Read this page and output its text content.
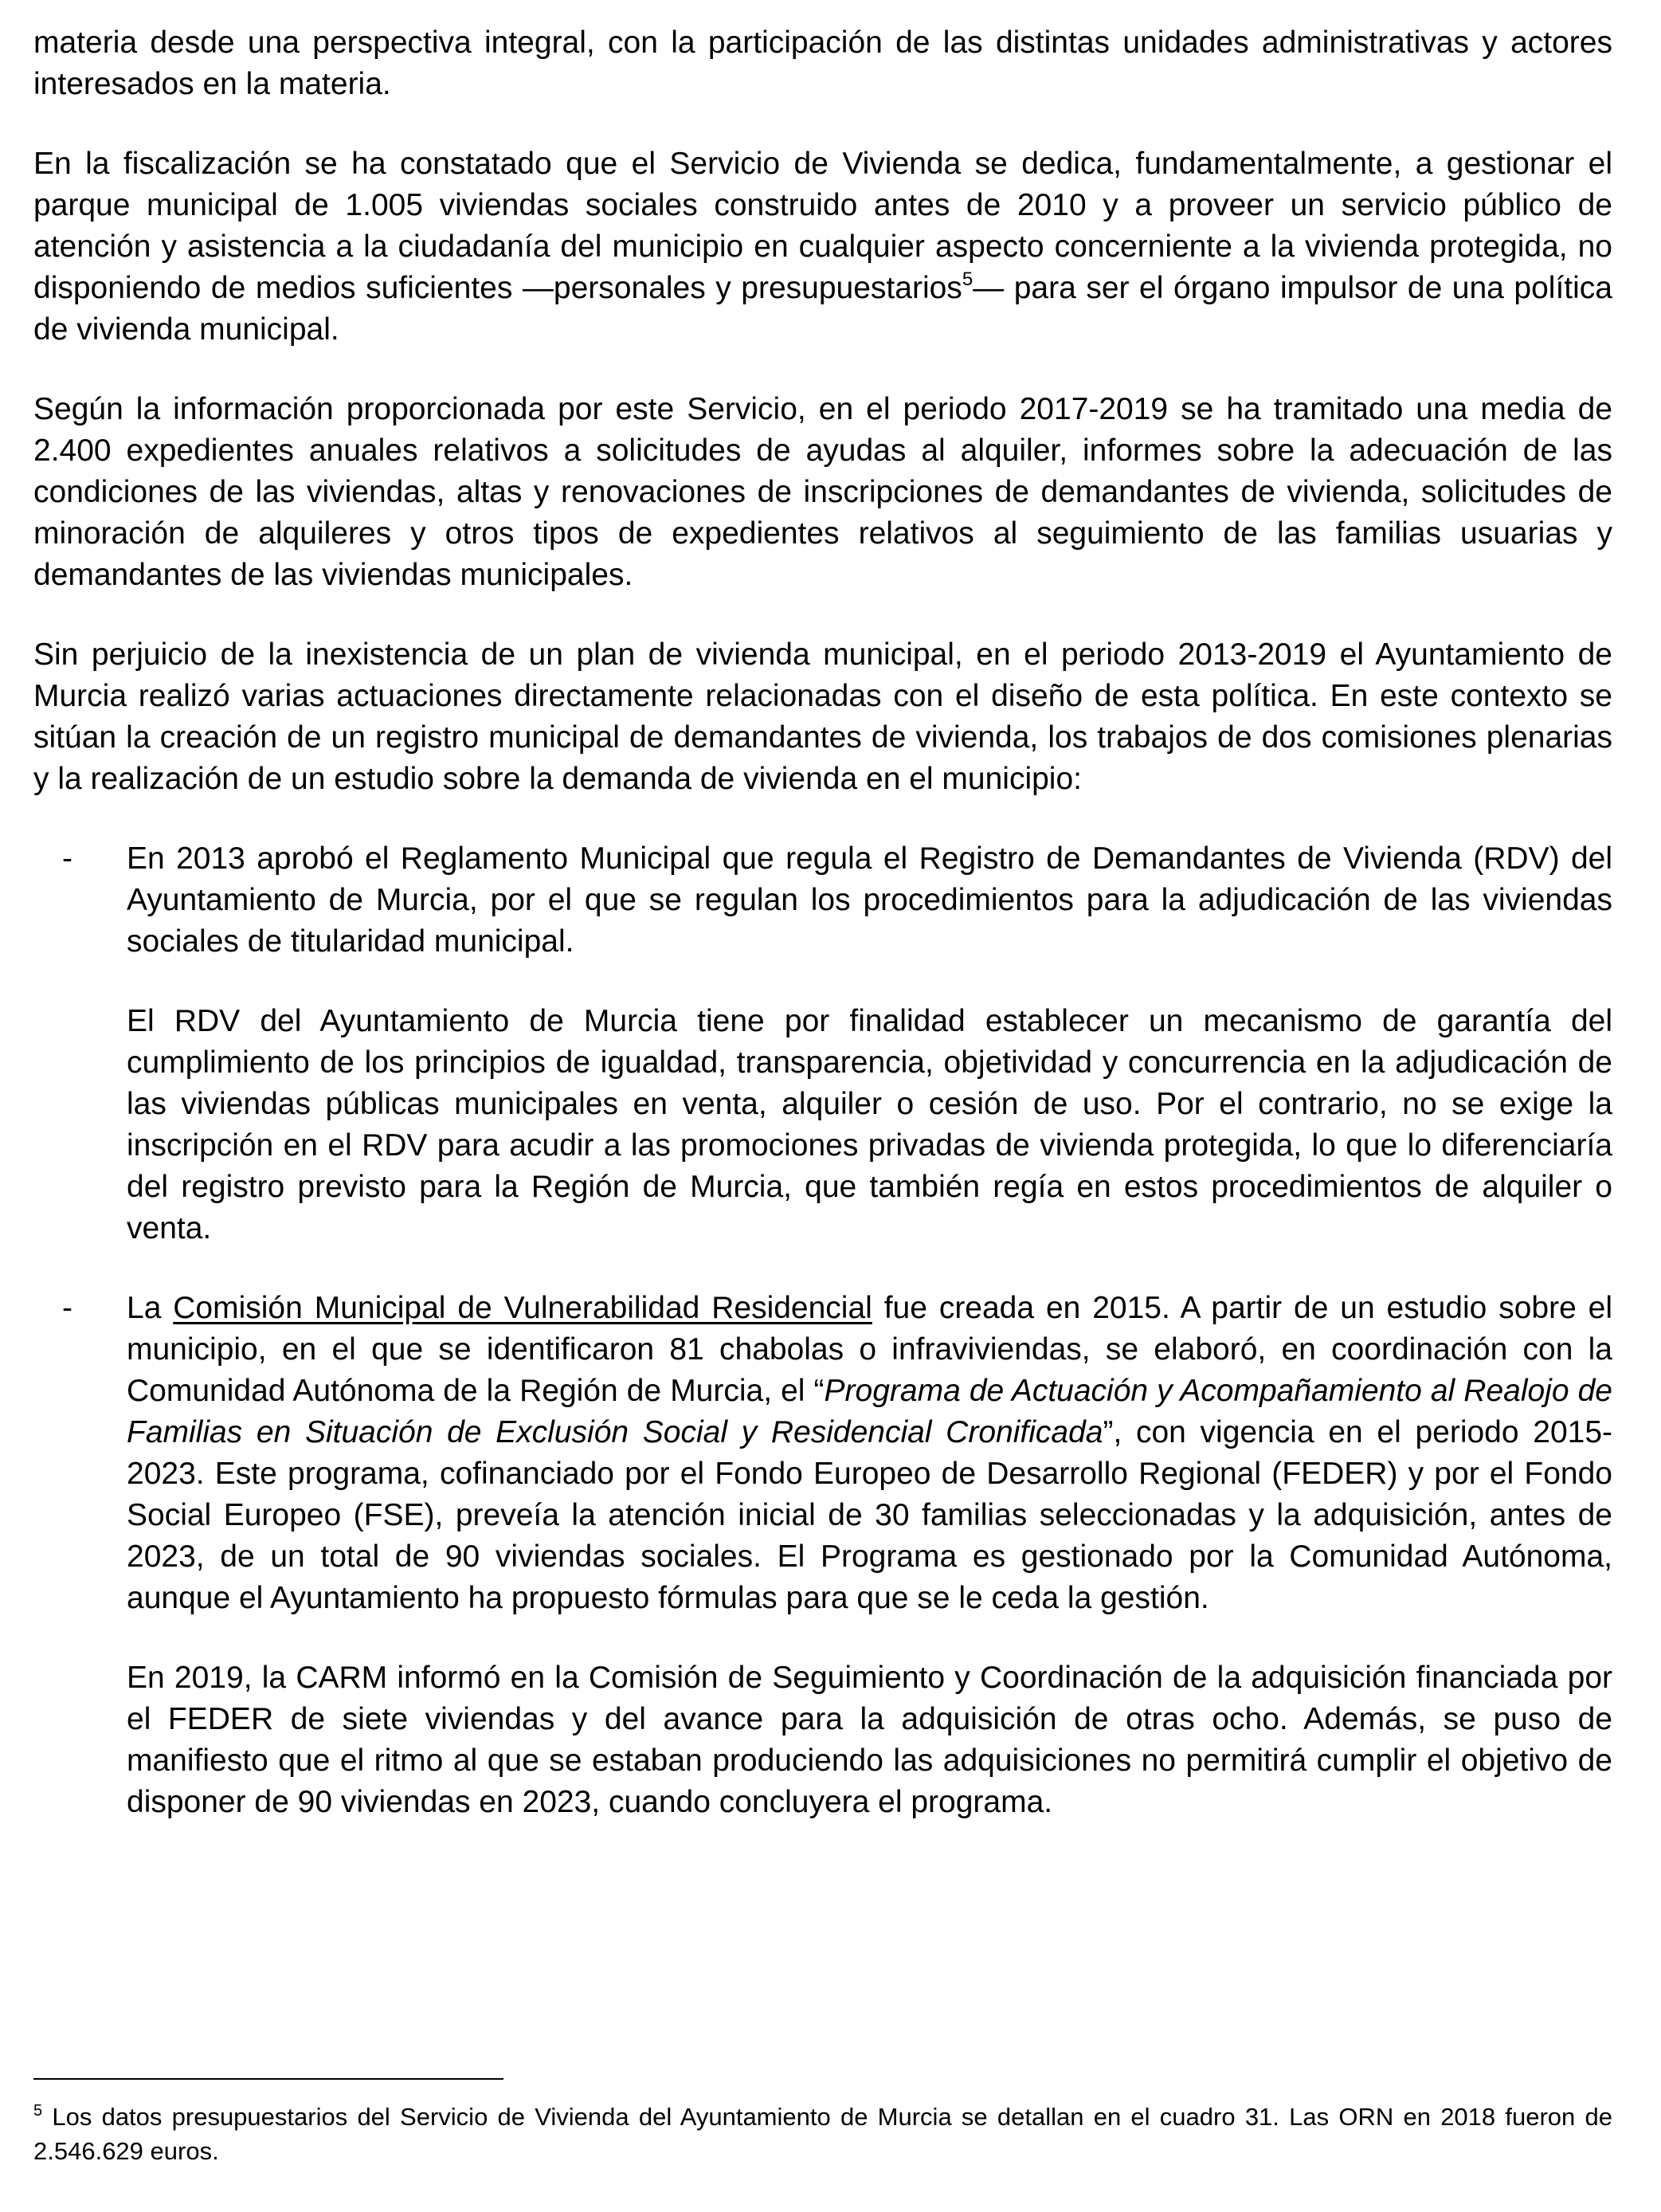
materia desde una perspectiva integral, con la participación de las distintas unidades administrativas y actores interesados en la materia.

En la fiscalización se ha constatado que el Servicio de Vivienda se dedica, fundamentalmente, a gestionar el parque municipal de 1.005 viviendas sociales construido antes de 2010 y a proveer un servicio público de atención y asistencia a la ciudadanía del municipio en cualquier aspecto concerniente a la vivienda protegida, no disponiendo de medios suficientes —personales y presupuestarios$^5$— para ser el órgano impulsor de una política de vivienda municipal.

Según la información proporcionada por este Servicio, en el periodo 2017-2019 se ha tramitado una media de 2.400 expedientes anuales relativos a solicitudes de ayudas al alquiler, informes sobre la adecuación de las condiciones de las viviendas, altas y renovaciones de inscripciones de demandantes de vivienda, solicitudes de minoración de alquileres y otros tipos de expedientes relativos al seguimiento de las familias usuarias y demandantes de las viviendas municipales.

Sin perjuicio de la inexistencia de un plan de vivienda municipal, en el periodo 2013-2019 el Ayuntamiento de Murcia realizó varias actuaciones directamente relacionadas con el diseño de esta política. En este contexto se sitúan la creación de un registro municipal de demandantes de vivienda, los trabajos de dos comisiones plenarias y la realización de un estudio sobre la demanda de vivienda en el municipio:

- En 2013 aprobó el Reglamento Municipal que regula el Registro de Demandantes de Vivienda (RDV) del Ayuntamiento de Murcia, por el que se regulan los procedimientos para la adjudicación de las viviendas sociales de titularidad municipal.

El RDV del Ayuntamiento de Murcia tiene por finalidad establecer un mecanismo de garantía del cumplimiento de los principios de igualdad, transparencia, objetividad y concurrencia en la adjudicación de las viviendas públicas municipales en venta, alquiler o cesión de uso. Por el contrario, no se exige la inscripción en el RDV para acudir a las promociones privadas de vivienda protegida, lo que lo diferenciaría del registro previsto para la Región de Murcia, que también regía en estos procedimientos de alquiler o venta.

- La Comisión Municipal de Vulnerabilidad Residencial fue creada en 2015. A partir de un estudio sobre el municipio, en el que se identificaron 81 chabolas o infraviviendas, se elaboró, en coordinación con la Comunidad Autónoma de la Región de Murcia, el “Programa de Actuación y Acompañamiento al Realojo de Familias en Situación de Exclusión Social y Residencial Cronificada”, con vigencia en el periodo 2015-2023. Este programa, cofinanciado por el Fondo Europeo de Desarrollo Regional (FEDER) y por el Fondo Social Europeo (FSE), preveía la atención inicial de 30 familias seleccionadas y la adquisición, antes de 2023, de un total de 90 viviendas sociales. El Programa es gestionado por la Comunidad Autónoma, aunque el Ayuntamiento ha propuesto fórmulas para que se le ceda la gestión.

En 2019, la CARM informó en la Comisión de Seguimiento y Coordinación de la adquisición financiada por el FEDER de siete viviendas y del avance para la adquisición de otras ocho. Además, se puso de manifiesto que el ritmo al que se estaban produciendo las adquisiciones no permitirá cumplir el objetivo de disponer de 90 viviendas en 2023, cuando concluyera el programa.

$^5$ Los datos presupuestarios del Servicio de Vivienda del Ayuntamiento de Murcia se detallan en el cuadro 31. Las ORN en 2018 fueron de 2.546.629 euros.
